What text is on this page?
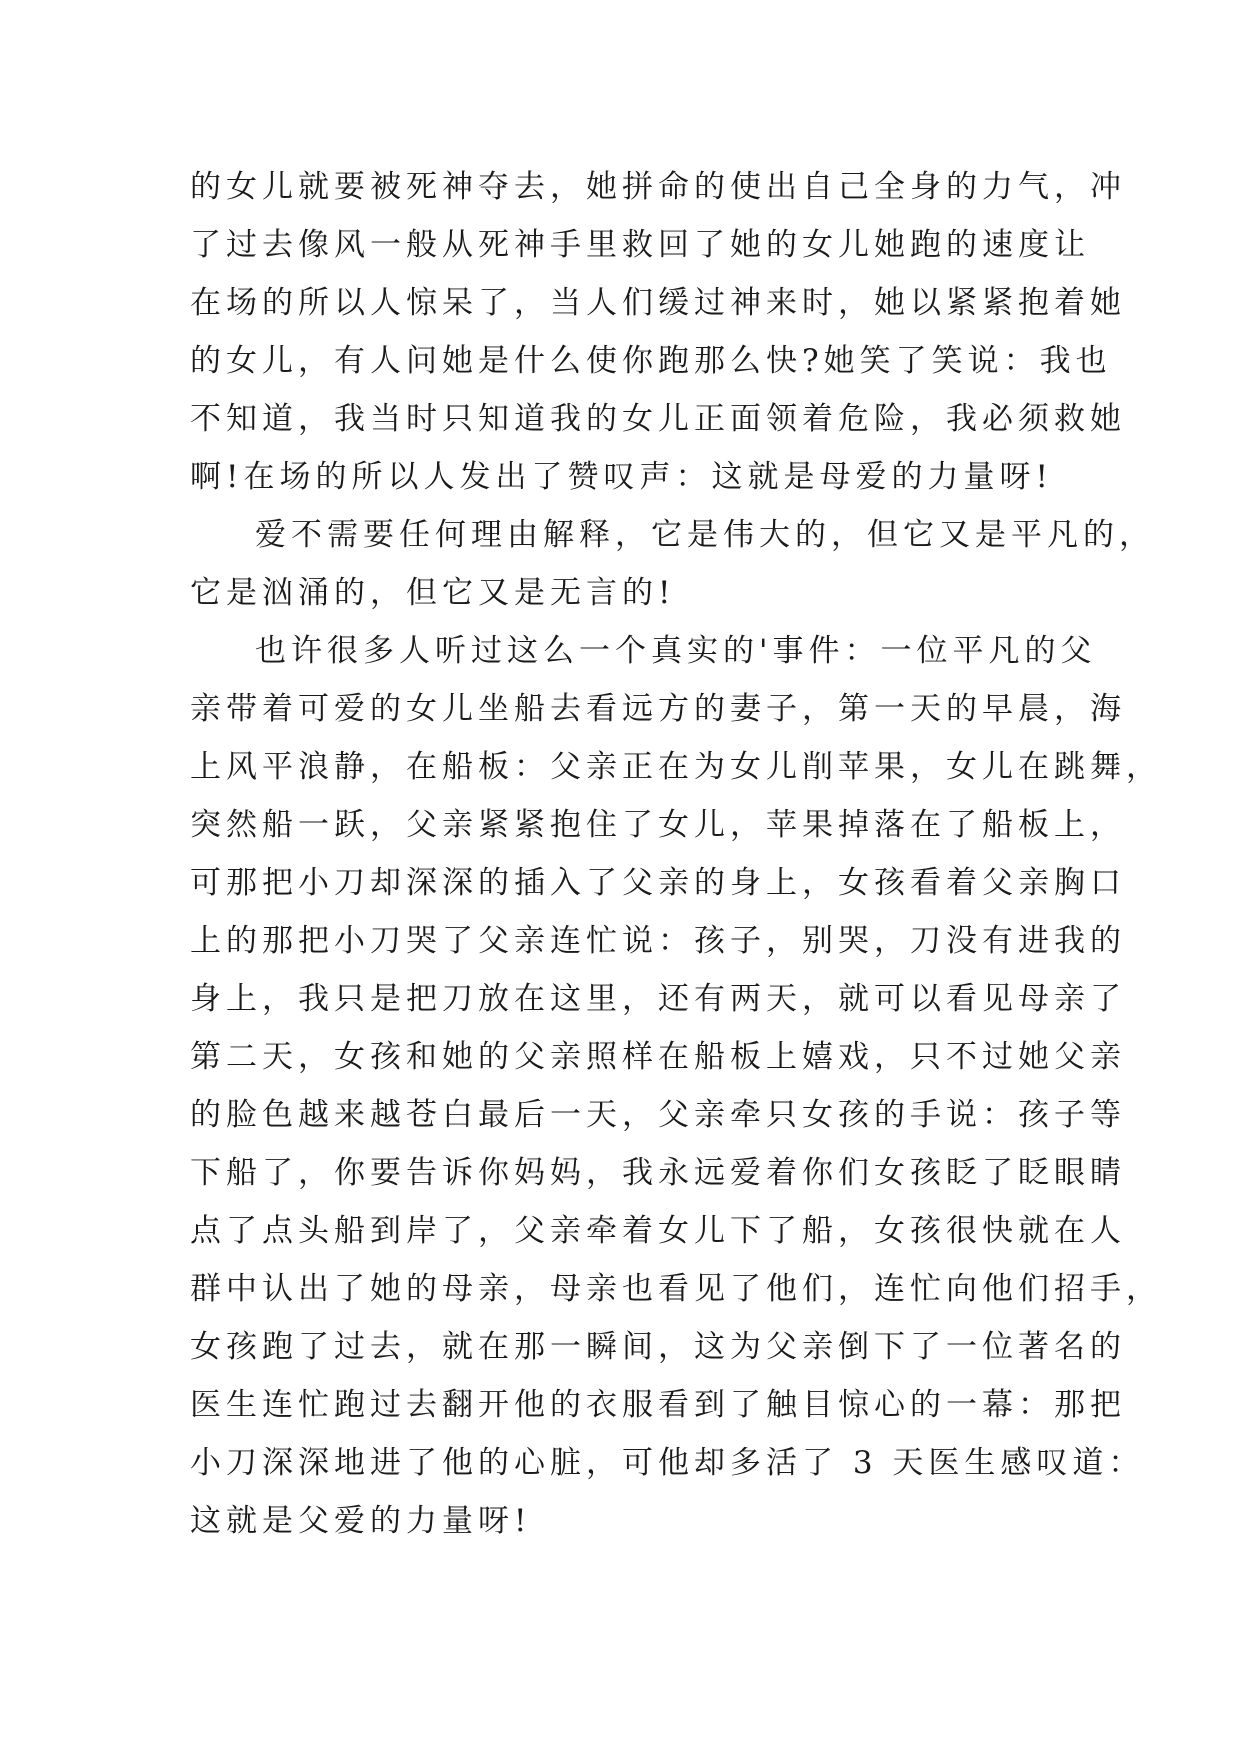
的女儿就要被死神夺去，她拼命的使出自己全身的力气，冲
了过去像风一般从死神手里救回了她的女儿她跑的速度让
在场的所以人惊呆了，当人们缓过神来时，她以紧紧抱着她
的女儿，有人问她是什么使你跑那么快?她笑了笑说：我也
不知道，我当时只知道我的女儿正面领着危险，我必须救她
啊!在场的所以人发出了赞叹声：这就是母爱的力量呀!
爱不需要任何理由解释，它是伟大的，但它又是平凡的，
它是汹涌的，但它又是无言的!
也许很多人听过这么一个真实的'事件：一位平凡的父
亲带着可爱的女儿坐船去看远方的妻子，第一天的早晨，海
上风平浪静，在船板：父亲正在为女儿削苹果，女儿在跳舞，
突然船一跃，父亲紧紧抱住了女儿，苹果掉落在了船板上，
可那把小刀却深深的插入了父亲的身上，女孩看着父亲胸口
上的那把小刀哭了父亲连忙说：孩子，别哭，刀没有进我的
身上，我只是把刀放在这里，还有两天，就可以看见母亲了
第二天，女孩和她的父亲照样在船板上嬉戏，只不过她父亲
的脸色越来越苍白最后一天，父亲牵只女孩的手说：孩子等
下船了，你要告诉你妈妈，我永远爱着你们女孩眨了眨眼睛
点了点头船到岸了，父亲牵着女儿下了船，女孩很快就在人
群中认出了她的母亲，母亲也看见了他们，连忙向他们招手，
女孩跑了过去，就在那一瞬间，这为父亲倒下了一位著名的
医生连忙跑过去翻开他的衣服看到了触目惊心的一幕：那把
小刀深深地进了他的心脏，可他却多活了 3 天医生感叹道：
这就是父爱的力量呀!
